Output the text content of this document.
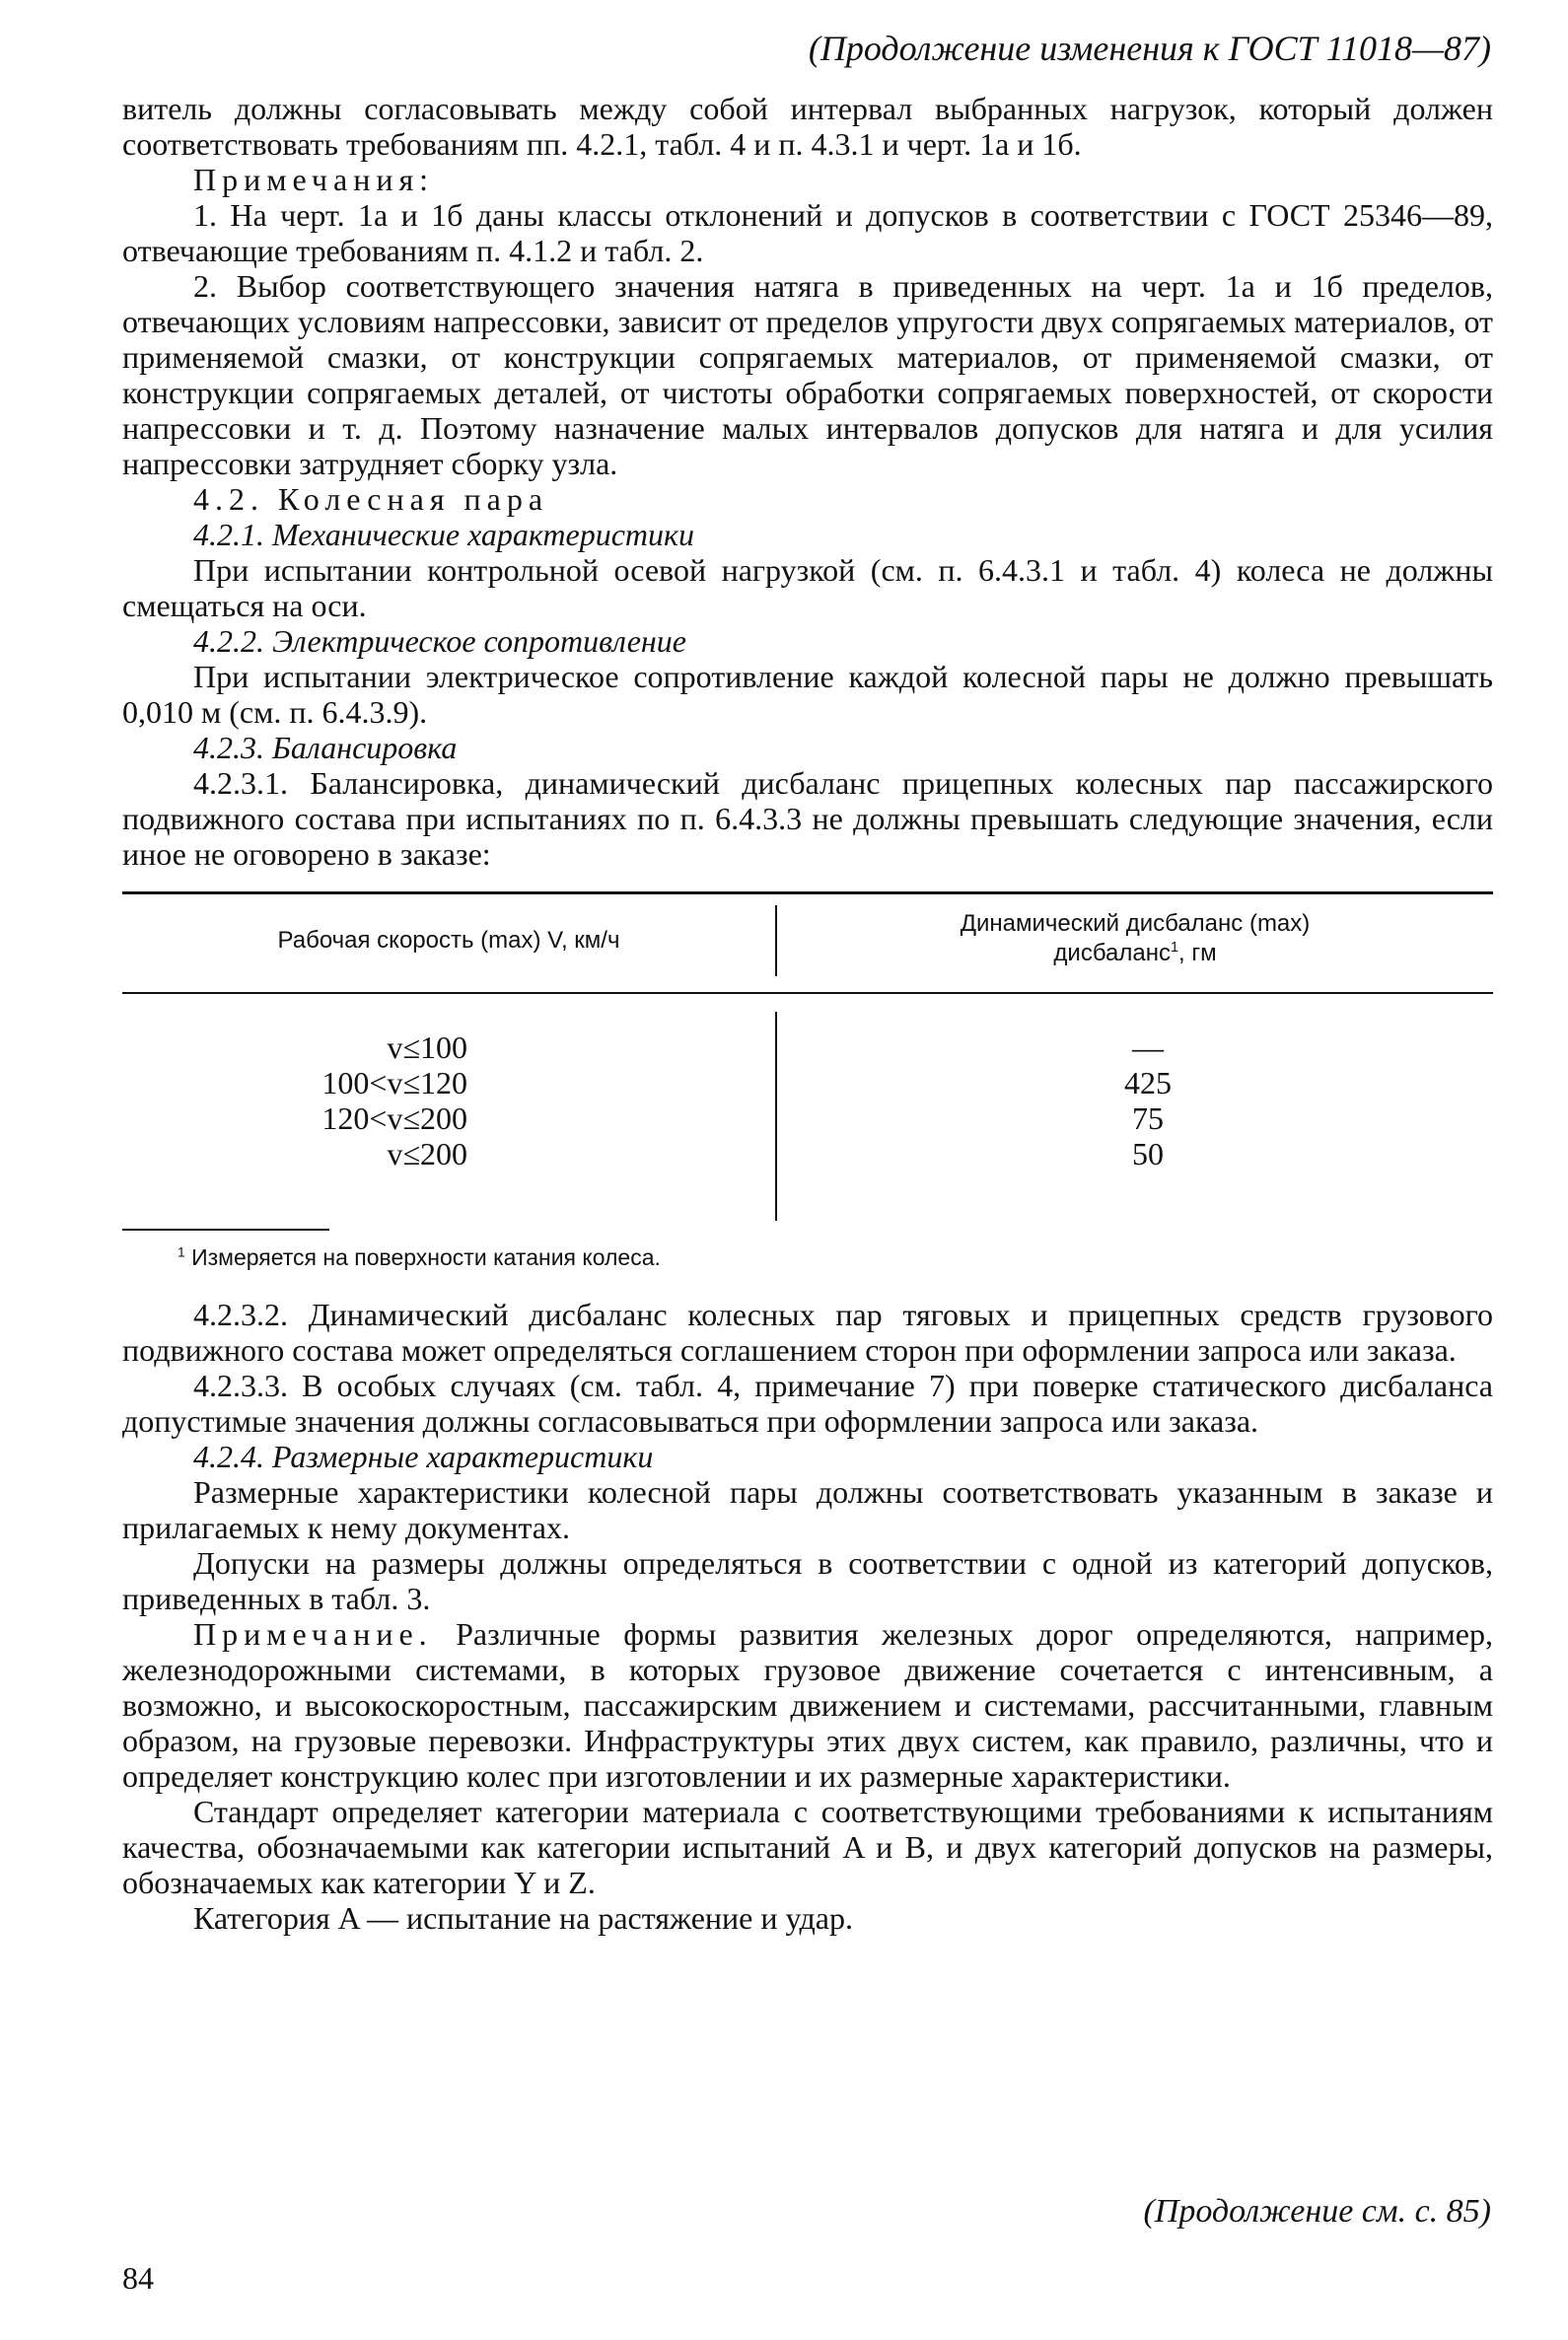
(Продолжение изменения к ГОСТ 11018—87)

витель должны согласовывать между собой интервал выбранных нагрузок, который должен соответствовать требованиям пп. 4.2.1, табл. 4 и п. 4.3.1 и черт. 1а и 1б.

Примечания:

1. На черт. 1а и 1б даны классы отклонений и допусков в соответствии с ГОСТ 25346—89, отвечающие требованиям п. 4.1.2 и табл. 2.

2. Выбор соответствующего значения натяга в приведенных на черт. 1а и 1б пределов, отвечающих условиям напрессовки, зависит от пределов упругости двух сопрягаемых материалов, от применяемой смазки, от конструкции сопрягаемых материалов, от применяемой смазки, от конструкции сопрягаемых деталей, от чистоты обработки сопрягаемых поверхностей, от скорости напрессовки и т. д. Поэтому назначение малых интервалов допусков для натяга и для усилия напрессовки затрудняет сборку узла.

4.2. Колесная пара

4.2.1. Механические характеристики

При испытании контрольной осевой нагрузкой (см. п. 6.4.3.1 и табл. 4) колеса не должны смещаться на оси.

4.2.2. Электрическое сопротивление

При испытании электрическое сопротивление каждой колесной пары не должно превышать 0,010 м (см. п. 6.4.3.9).

4.2.3. Балансировка

4.2.3.1. Балансировка, динамический дисбаланс прицепных колесных пар пассажирского подвижного состава при испытаниях по п. 6.4.3.3 не должны превышать следующие значения, если иное не оговорено в заказе:

Рабочая скорость (max) V, км/ч
Динамический дисбаланс (max)
дисбаланс$^1$, гм
v≤100
100<v≤120
120<v≤200
v≤200
—
425
75
50
$^1$ Измеряется на поверхности катания колеса.

4.2.3.2. Динамический дисбаланс колесных пар тяговых и прицепных средств грузового подвижного состава может определяться соглашением сторон при оформлении запроса или заказа.

4.2.3.3. В особых случаях (см. табл. 4, примечание 7) при поверке статического дисбаланса допустимые значения должны согласовываться при оформлении запроса или заказа.

4.2.4. Размерные характеристики

Размерные характеристики колесной пары должны соответствовать указанным в заказе и прилагаемых к нему документах.

Допуски на размеры должны определяться в соответствии с одной из категорий допусков, приведенных в табл. 3.

Примечание. Различные формы развития железных дорог определяются, например, железнодорожными системами, в которых грузовое движение сочетается с интенсивным, а возможно, и высокоскоростным, пассажирским движением и системами, рассчитанными, главным образом, на грузовые перевозки. Инфраструктуры этих двух систем, как правило, различны, что и определяет конструкцию колес при изготовлении и их размерные характеристики.

Стандарт определяет категории материала с соответствующими требованиями к испытаниям качества, обозначаемыми как категории испытаний A и B, и двух категорий допусков на размеры, обозначаемых как категории Y и Z.

Категория A — испытание на растяжение и удар.

(Продолжение см. с. 85)
84
